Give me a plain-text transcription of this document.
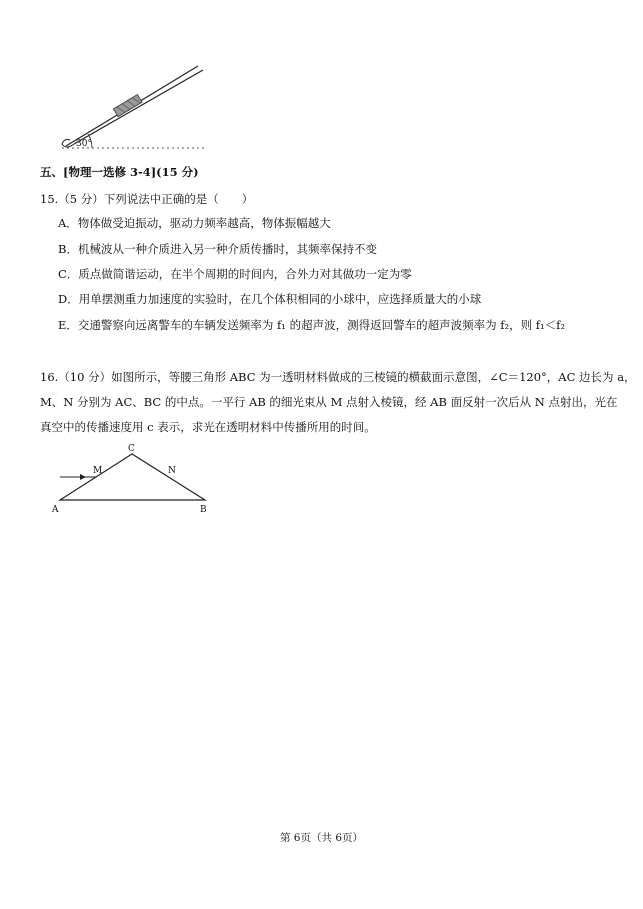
30°
五、[物理一选修 3-4](15 分)
15.（5 分）下列说法中正确的是（　　）
A．物体做受迫振动，驱动力频率越高，物体振幅越大
B．机械波从一种介质进入另一种介质传播时，其频率保持不变
C．质点做简谐运动，在半个周期的时间内，合外力对其做功一定为零
D．用单摆测重力加速度的实验时，在几个体积相同的小球中，应选择质量大的小球
E．交通警察向远离警车的车辆发送频率为 f₁ 的超声波，测得返回警车的超声波频率为 f₂，则 f₁＜f₂
16.（10 分）如图所示，等腰三角形 ABC 为一透明材料做成的三棱镜的横截面示意图，∠C＝120°，AC 边长为 a，
M、N 分别为 AC、BC 的中点。一平行 AB 的细光束从 M 点射入棱镜，经 AB 面反射一次后从 N 点射出，光在
真空中的传播速度用 c 表示，求光在透明材料中传播所用的时间。
A	B
C
M	N
第 6页（共 6页）
